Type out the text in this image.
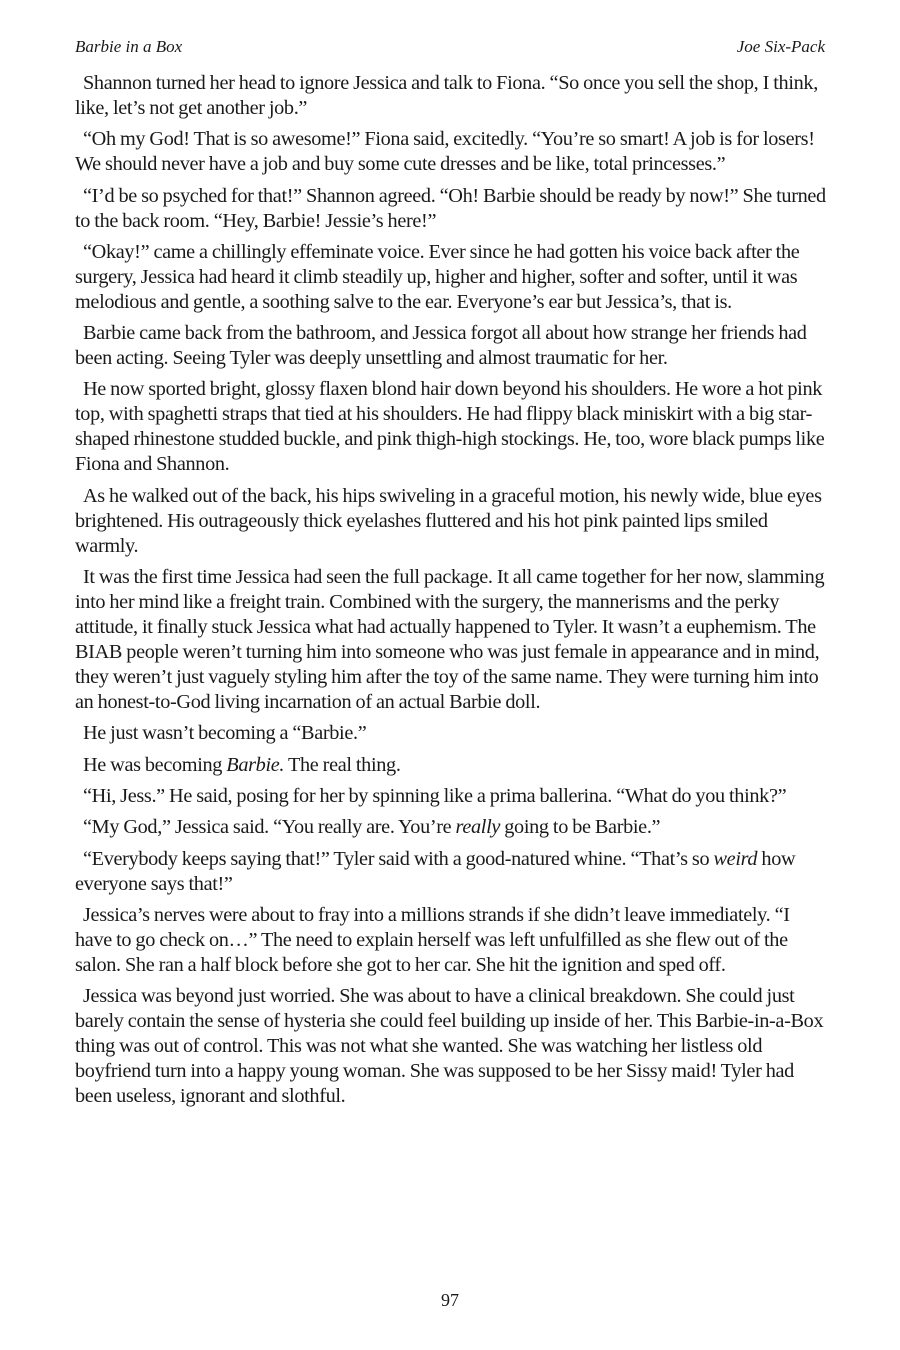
Barbie in a Box	Joe Six-Pack

Shannon turned her head to ignore Jessica and talk to Fiona. “So once you sell the shop, I think, like, let’s not get another job.”

“Oh my God! That is so awesome!” Fiona said, excitedly. “You’re so smart! A job is for losers! We should never have a job and buy some cute dresses and be like, total princesses.”

“I’d be so psyched for that!” Shannon agreed. “Oh! Barbie should be ready by now!” She turned to the back room. “Hey, Barbie! Jessie’s here!”

“Okay!” came a chillingly effeminate voice. Ever since he had gotten his voice back after the surgery, Jessica had heard it climb steadily up, higher and higher, softer and softer, until it was melodious and gentle, a soothing salve to the ear. Everyone’s ear but Jessica’s, that is.

Barbie came back from the bathroom, and Jessica forgot all about how strange her friends had been acting. Seeing Tyler was deeply unsettling and almost traumatic for her.

He now sported bright, glossy flaxen blond hair down beyond his shoulders. He wore a hot pink top, with spaghetti straps that tied at his shoulders. He had flippy black miniskirt with a big star-shaped rhinestone studded buckle, and pink thigh-high stockings. He, too, wore black pumps like Fiona and Shannon.

As he walked out of the back, his hips swiveling in a graceful motion, his newly wide, blue eyes brightened. His outrageously thick eyelashes fluttered and his hot pink painted lips smiled warmly.

It was the first time Jessica had seen the full package. It all came together for her now, slamming into her mind like a freight train. Combined with the surgery, the mannerisms and the perky attitude, it finally stuck Jessica what had actually happened to Tyler. It wasn’t a euphemism. The BIAB people weren’t turning him into someone who was just female in appearance and in mind, they weren’t just vaguely styling him after the toy of the same name. They were turning him into an honest-to-God living incarnation of an actual Barbie doll.

He just wasn’t becoming a “Barbie.”

He was becoming Barbie. The real thing.

“Hi, Jess.” He said, posing for her by spinning like a prima ballerina. “What do you think?”

“My God,” Jessica said. “You really are. You’re really going to be Barbie.”

“Everybody keeps saying that!” Tyler said with a good-natured whine. “That’s so weird how everyone says that!”

Jessica’s nerves were about to fray into a millions strands if she didn’t leave immediately. “I have to go check on…” The need to explain herself was left unfulfilled as she flew out of the salon. She ran a half block before she got to her car. She hit the ignition and sped off.

Jessica was beyond just worried. She was about to have a clinical breakdown. She could just barely contain the sense of hysteria she could feel building up inside of her. This Barbie-in-a-Box thing was out of control. This was not what she wanted. She was watching her listless old boyfriend turn into a happy young woman. She was supposed to be her Sissy maid! Tyler had been useless, ignorant and slothful.

97
